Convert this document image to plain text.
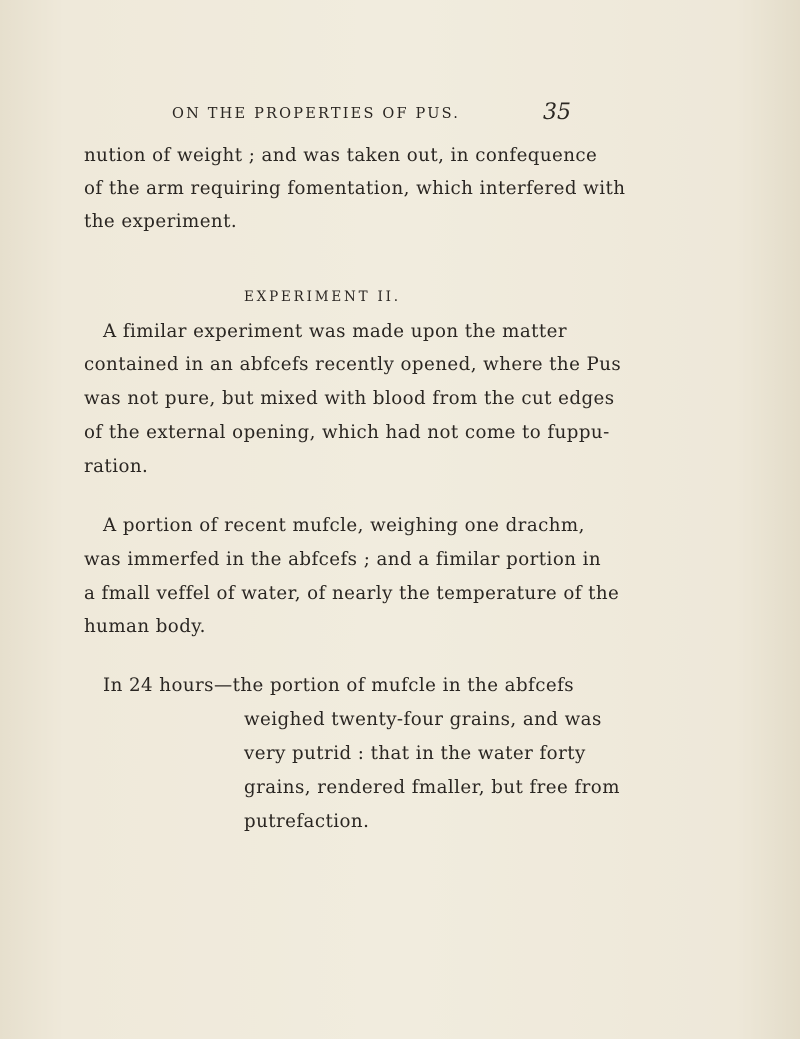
ON THE PROPERTIES OF PUS.	35
nution of weight ; and was taken out, in confequence
of the arm requiring fomentation, which interfered with
the experiment.
EXPERIMENT II.
A fimilar experiment was made upon the matter
contained in an abfcefs recently opened, where the Pus
was not pure, but mixed with blood from the cut edges
of the external opening, which had not come to fuppu-
ration.
A portion of recent mufcle, weighing one drachm,
was immerfed in the abfcefs ; and a fimilar portion in
a fmall veffel of water, of nearly the temperature of the
human body.
In 24 hours—the portion of mufcle in the abfcefs
weighed twenty-four grains, and was
very putrid : that in the water forty
grains, rendered fmaller, but free from
putrefaction.
